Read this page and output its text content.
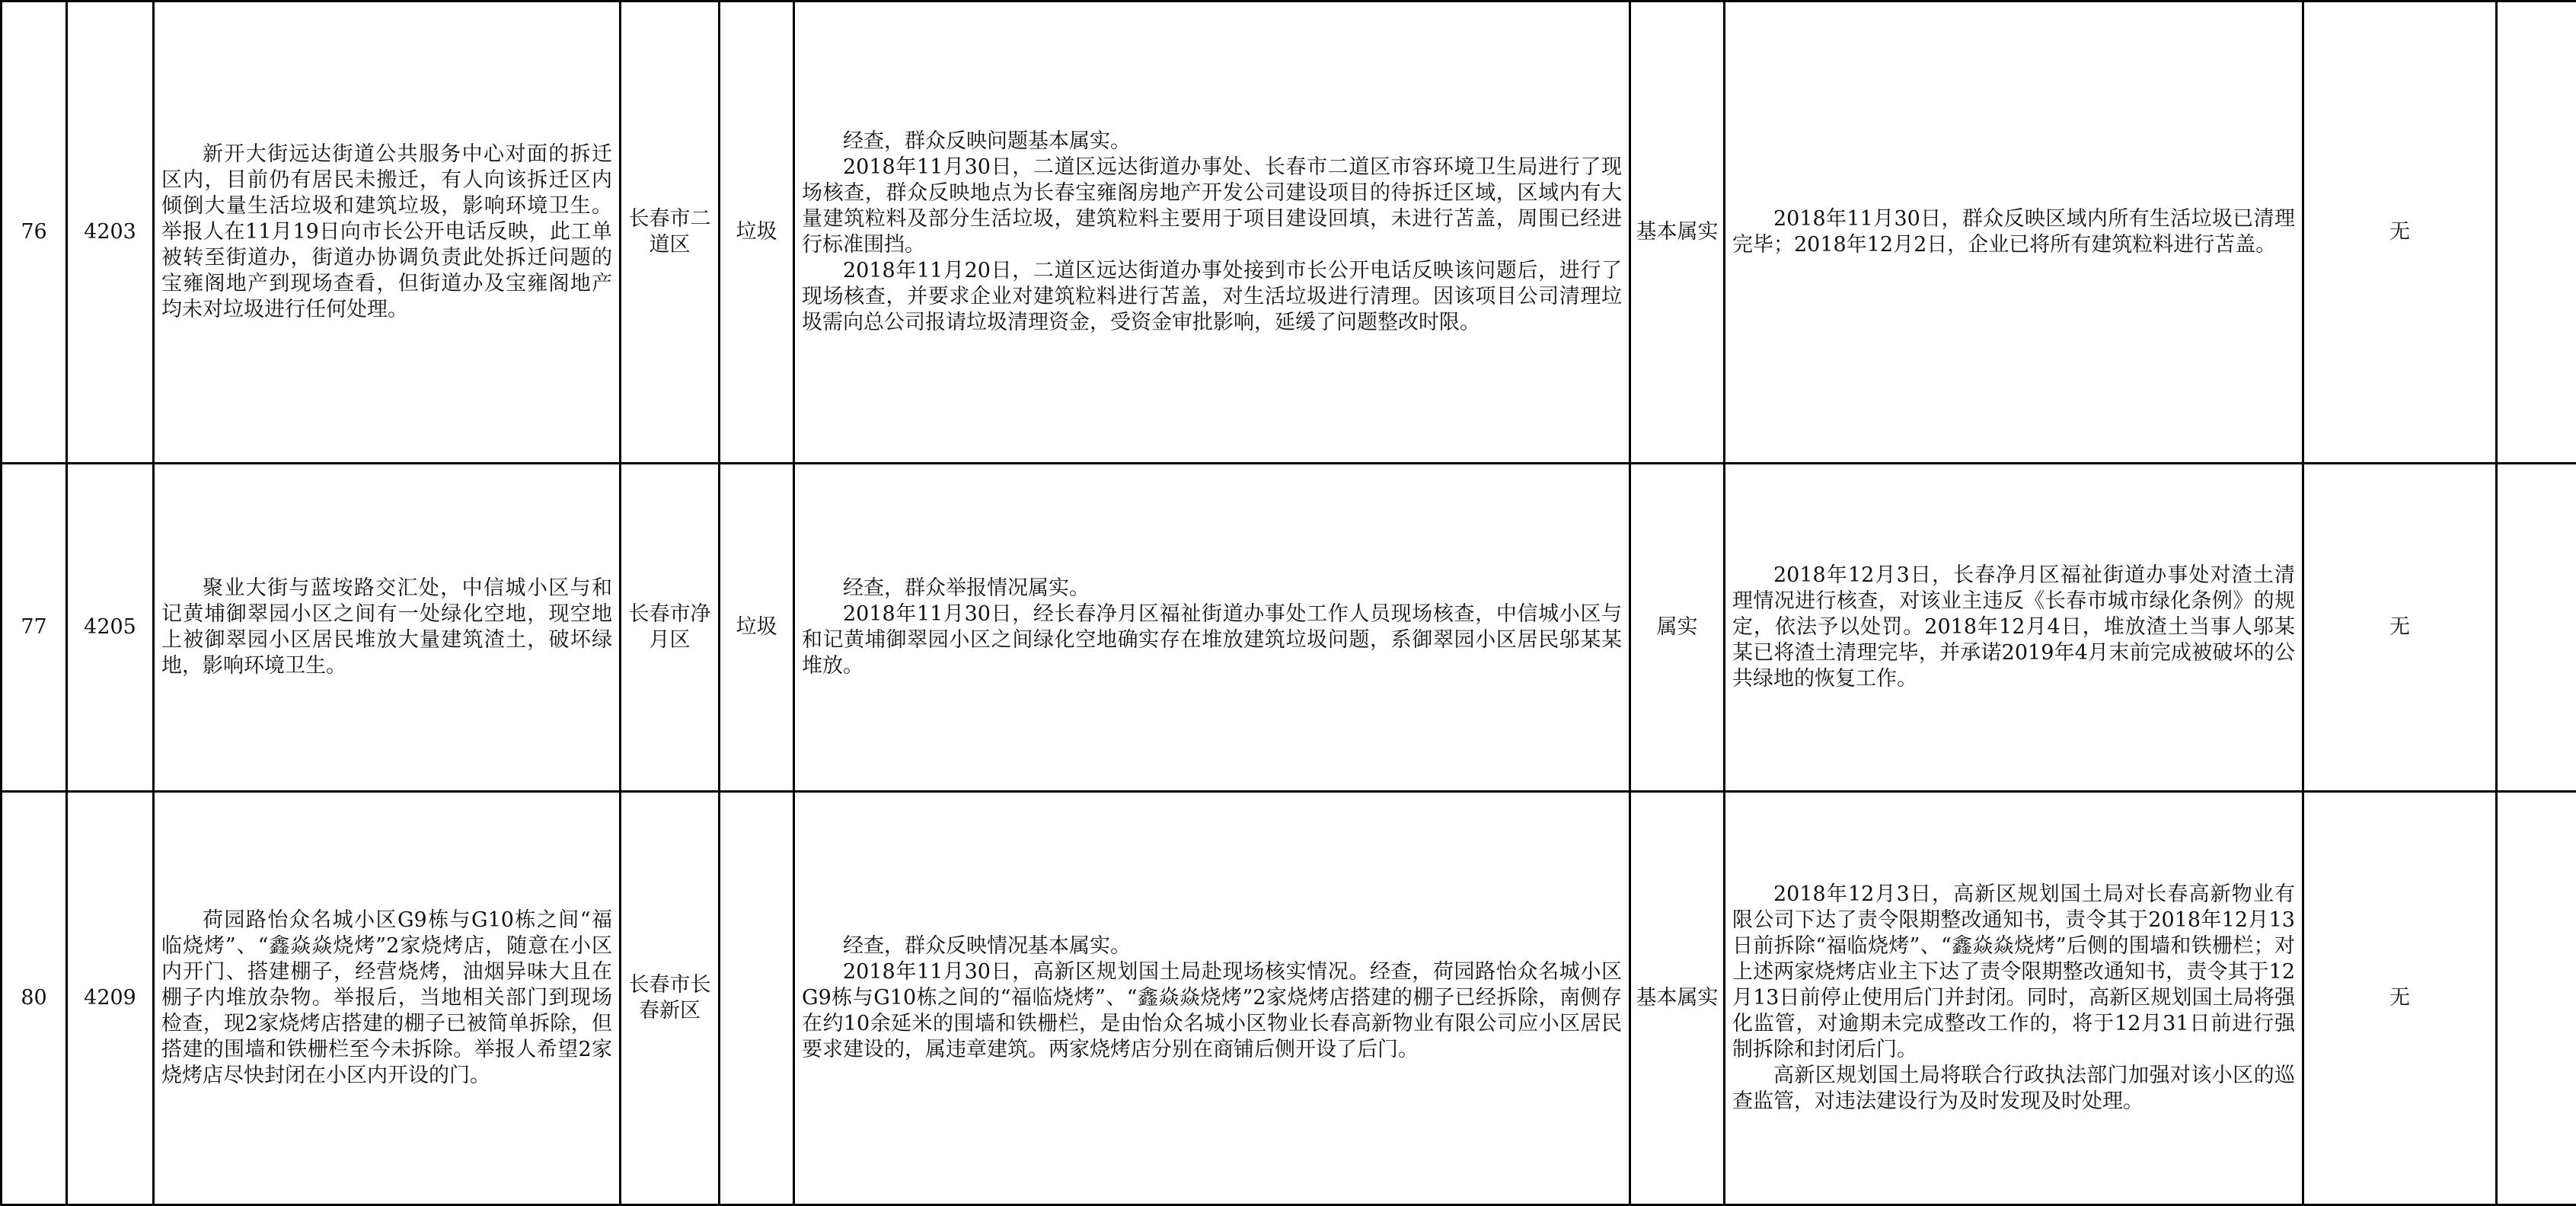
76	4203	新开大街远达街道公共服务中心对面的拆迁区内，目前仍有居民未搬迁，有人向该拆迁区内倾倒大量生活垃圾和建筑垃圾，影响环境卫生。举报人在11月19日向市长公开电话反映，此工单被转至街道办，街道办协调负责此处拆迁问题的宝雍阁地产到现场查看，但街道办及宝雍阁地产均未对垃圾进行任何处理。	长春市二道区	垃圾	经查，群众反映问题基本属实。
2018年11月30日，二道区远达街道办事处、长春市二道区市容环境卫生局进行了现场核查，群众反映地点为长春宝雍阁房地产开发公司建设项目的待拆迁区域，区域内有大量建筑粒料及部分生活垃圾，建筑粒料主要用于项目建设回填，未进行苫盖，周围已经进行标准围挡。
2018年11月20日，二道区远达街道办事处接到市长公开电话反映该问题后，进行了现场核查，并要求企业对建筑粒料进行苫盖，对生活垃圾进行清理。因该项目公司清理垃圾需向总公司报请垃圾清理资金，受资金审批影响，延缓了问题整改时限。	基本属实	2018年11月30日，群众反映区域内所有生活垃圾已清理完毕；2018年12月2日，企业已将所有建筑粒料进行苫盖。	无	
77	4205	聚业大街与蓝垵路交汇处，中信城小区与和记黄埔御翠园小区之间有一处绿化空地，现空地上被御翠园小区居民堆放大量建筑渣土，破坏绿地，影响环境卫生。	长春市净月区	垃圾	经查，群众举报情况属实。
2018年11月30日，经长春净月区福祉街道办事处工作人员现场核查，中信城小区与和记黄埔御翠园小区之间绿化空地确实存在堆放建筑垃圾问题，系御翠园小区居民邬某某堆放。	属实	2018年12月3日，长春净月区福祉街道办事处对渣土清理情况进行核查，对该业主违反《长春市城市绿化条例》的规定，依法予以处罚。2018年12月4日，堆放渣土当事人邬某某已将渣土清理完毕，并承诺2019年4月末前完成被破坏的公共绿地的恢复工作。	无	
80	4209	荷园路怡众名城小区G9栋与G10栋之间“福临烧烤”、“鑫焱焱烧烤”2家烧烤店，随意在小区内开门、搭建棚子，经营烧烤，油烟异味大且在棚子内堆放杂物。举报后，当地相关部门到现场检查，现2家烧烤店搭建的棚子已被简单拆除，但搭建的围墙和铁栅栏至今未拆除。举报人希望2家烧烤店尽快封闭在小区内开设的门。	长春市长春新区		经查，群众反映情况基本属实。
2018年11月30日，高新区规划国土局赴现场核实情况。经查，荷园路怡众名城小区G9栋与G10栋之间的“福临烧烤”、“鑫焱焱烧烤”2家烧烤店搭建的棚子已经拆除，南侧存在约10余延米的围墙和铁栅栏，是由怡众名城小区物业长春高新物业有限公司应小区居民要求建设的，属违章建筑。两家烧烤店分别在商铺后侧开设了后门。	基本属实	2018年12月3日，高新区规划国土局对长春高新物业有限公司下达了责令限期整改通知书，责令其于2018年12月13日前拆除“福临烧烤”、“鑫焱焱烧烤”后侧的围墙和铁栅栏；对上述两家烧烤店业主下达了责令限期整改通知书，责令其于12月13日前停止使用后门并封闭。同时，高新区规划国土局将强化监管，对逾期未完成整改工作的，将于12月31日前进行强制拆除和封闭后门。
高新区规划国土局将联合行政执法部门加强对该小区的巡查监管，对违法建设行为及时发现及时处理。	无	
